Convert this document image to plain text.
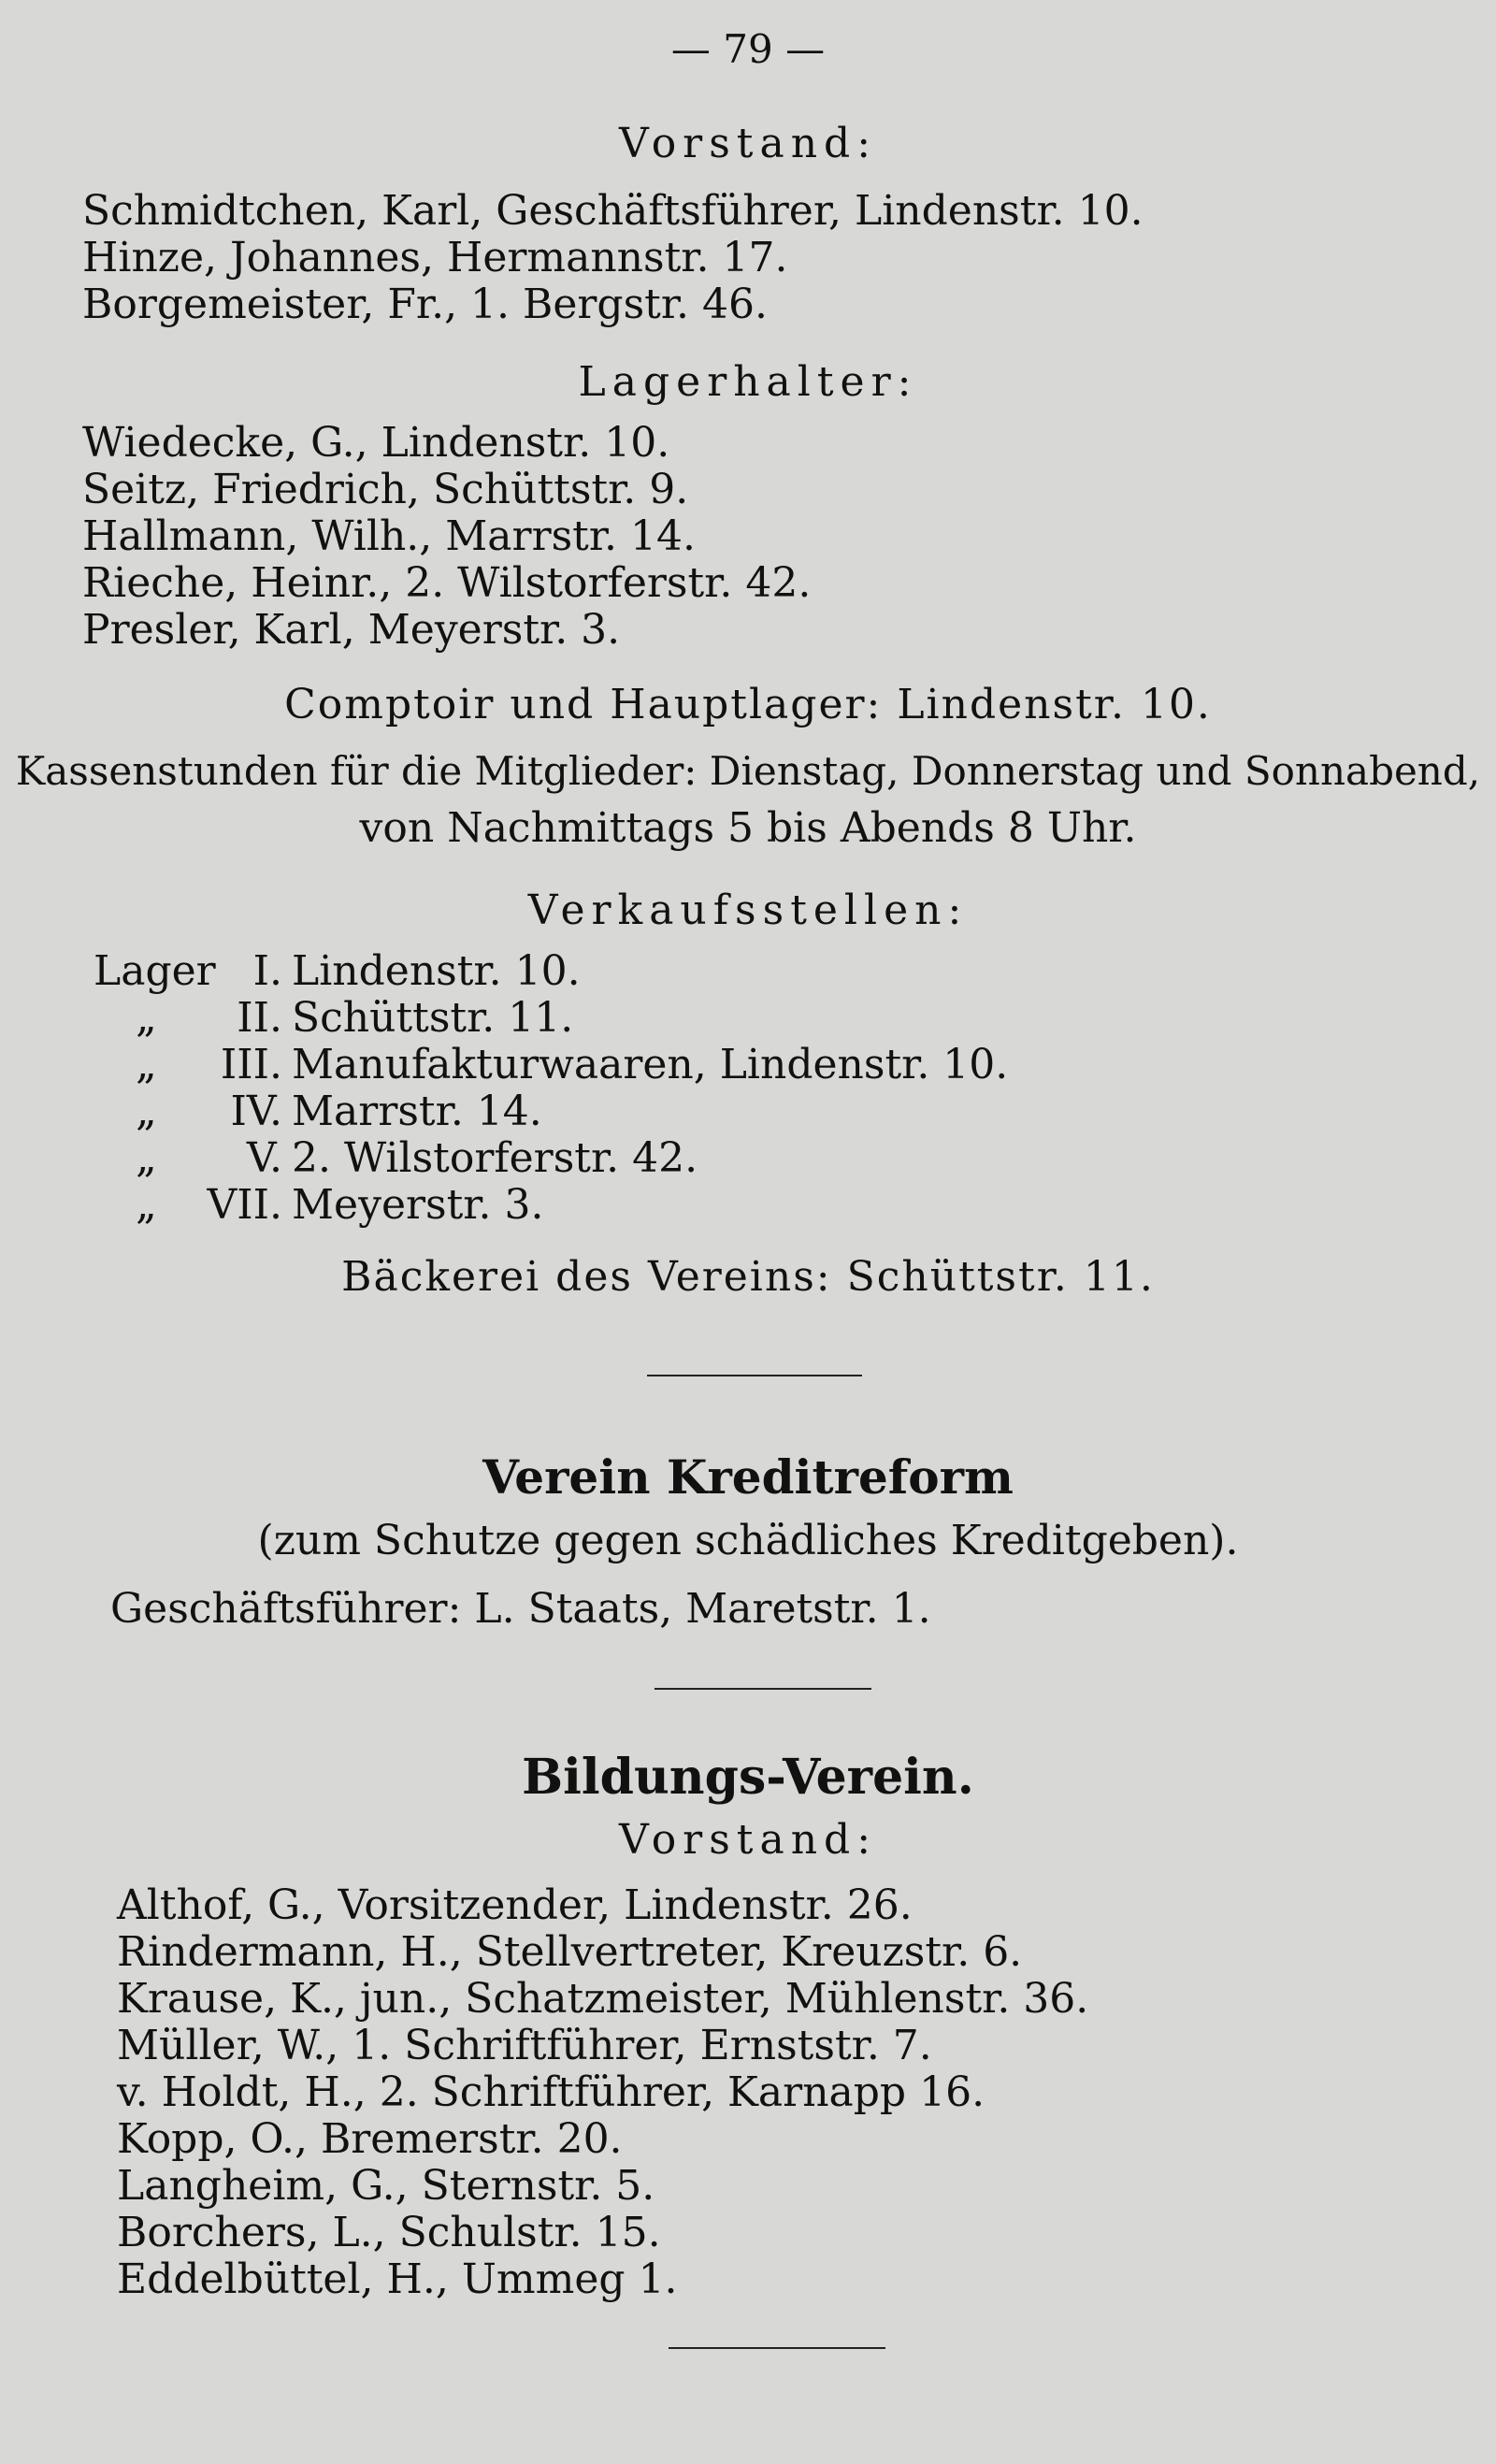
— 79 —
Vorstand:
Schmidtchen, Karl, Geschäftsführer, Lindenstr. 10.
Hinze, Johannes, Hermannstr. 17.
Borgemeister, Fr., 1. Bergstr. 46.
Lagerhalter:
Wiedecke, G., Lindenstr. 10.
Seitz, Friedrich, Schüttstr. 9.
Hallmann, Wilh., Marrstr. 14.
Rieche, Heinr., 2. Wilstorferstr. 42.
Presler, Karl, Meyerstr. 3.
Comptoir und Hauptlager: Lindenstr. 10.
Kassenstunden für die Mitglieder: Dienstag, Donnerstag und Sonnabend,
von Nachmittags 5 bis Abends 8 Uhr.
Verkaufsstellen:
Lager I. Lindenstr. 10.
„	II. Schüttstr. 11.
„	III. Manufakturwaaren, Lindenstr. 10.
„	IV. Marrstr. 14.
„	V. 2. Wilstorferstr. 42.
„ VII. Meyerstr. 3.
Bäckerei des Vereins: Schüttstr. 11.
Verein Kreditreform
(zum Schutze gegen schädliches Kreditgeben).
Geschäftsführer: L. Staats, Maretstr. 1.
Bildungs-Verein.
Vorstand:
Althof, G., Vorsitzender, Lindenstr. 26.
Rindermann, H., Stellvertreter, Kreuzstr. 6.
Krause, K., jun., Schatzmeister, Mühlenstr. 36.
Müller, W., 1. Schriftführer, Ernststr. 7.
v. Holdt, H., 2. Schriftführer, Karnapp 16.
Kopp, O., Bremerstr. 20.
Langheim, G., Sternstr. 5.
Borchers, L., Schulstr. 15.
Eddelbüttel, H., Ummeg 1.
